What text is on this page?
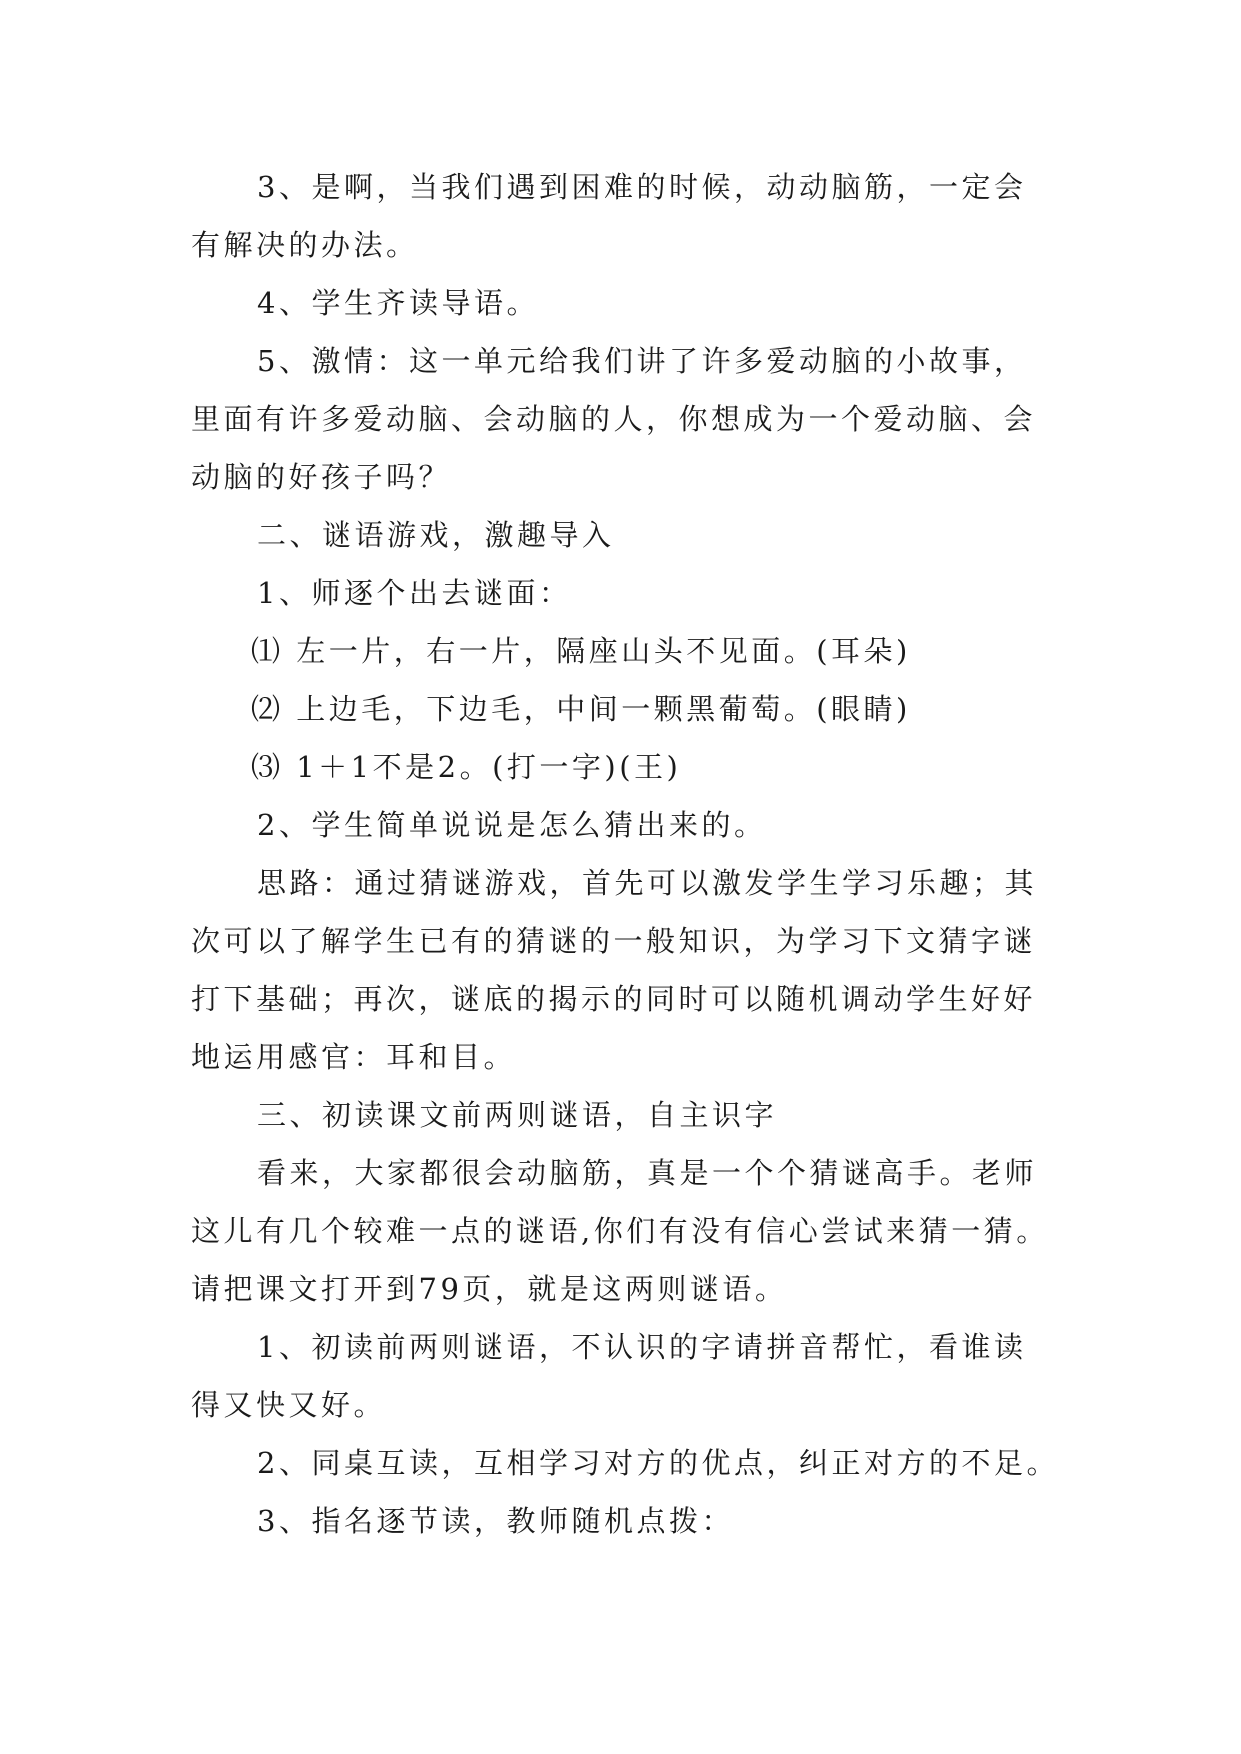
3、是啊，当我们遇到困难的时候，动动脑筋，一定会
有解决的办法。
4、学生齐读导语。
5、激情：这一单元给我们讲了许多爱动脑的小故事，
里面有许多爱动脑、会动脑的人，你想成为一个爱动脑、会
动脑的好孩子吗？
二、谜语游戏，激趣导入
1、师逐个出去谜面：
⑴ 左一片，右一片，隔座山头不见面。(耳朵)
⑵ 上边毛，下边毛，中间一颗黑葡萄。(眼睛)
⑶ 1＋1不是2。(打一字)(王)
2、学生简单说说是怎么猜出来的。
思路：通过猜谜游戏，首先可以激发学生学习乐趣；其
次可以了解学生已有的猜谜的一般知识，为学习下文猜字谜
打下基础；再次，谜底的揭示的同时可以随机调动学生好好
地运用感官：耳和目。
三、初读课文前两则谜语，自主识字
看来，大家都很会动脑筋，真是一个个猜谜高手。老师
这儿有几个较难一点的谜语,你们有没有信心尝试来猜一猜。
请把课文打开到79页，就是这两则谜语。
1、初读前两则谜语，不认识的字请拼音帮忙，看谁读
得又快又好。
2、同桌互读，互相学习对方的优点，纠正对方的不足。
3、指名逐节读，教师随机点拨：
